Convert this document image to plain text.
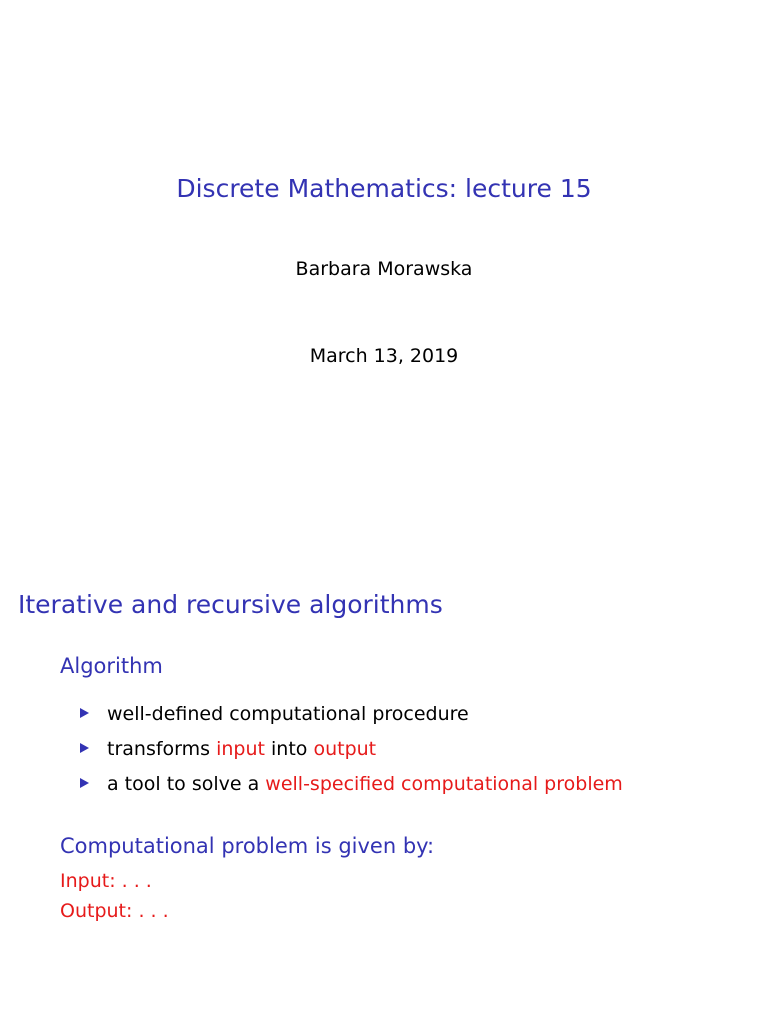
Discrete Mathematics: lecture 15
Barbara Morawska
March 13, 2019
Iterative and recursive algorithms
Algorithm
well-defined computational procedure
transforms input into output
a tool to solve a well-specified computational problem
Computational problem is given by:
Input: . . .
Output: . . .
